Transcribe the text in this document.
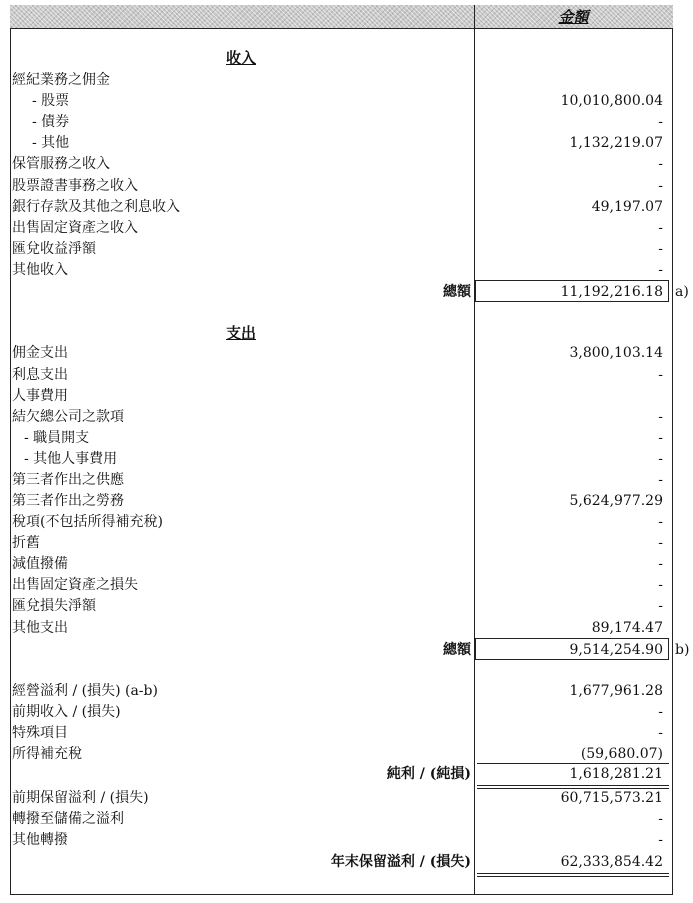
金額
收入
經紀業務之佣金
- 股票	10,010,800.04
- 債券	-
- 其他	1,132,219.07
保管服務之收入	-
股票證書事務之收入	-
銀行存款及其他之利息收入	49,197.07
出售固定資產之收入	-
匯兌收益淨額	-
其他收入	-
總額	11,192,216.18 a)
支出
佣金支出	3,800,103.14
利息支出	-
人事費用
結欠總公司之款項	-
- 職員開支	-
- 其他人事費用	-
第三者作出之供應	-
第三者作出之勞務	5,624,977.29
稅項(不包括所得補充稅)	-
折舊	-
減值撥備	-
出售固定資產之損失	-
匯兌損失淨額	-
其他支出	89,174.47
總額	9,514,254.90 b)
經營溢利 / (損失) (a-b)	1,677,961.28
前期收入 / (損失)	-
特殊項目	-
所得補充稅	(59,680.07)
純利 / (純損)	1,618,281.21
前期保留溢利 / (損失)	60,715,573.21
轉撥至儲備之溢利	-
其他轉撥	-
年末保留溢利 / (損失)	62,333,854.42
